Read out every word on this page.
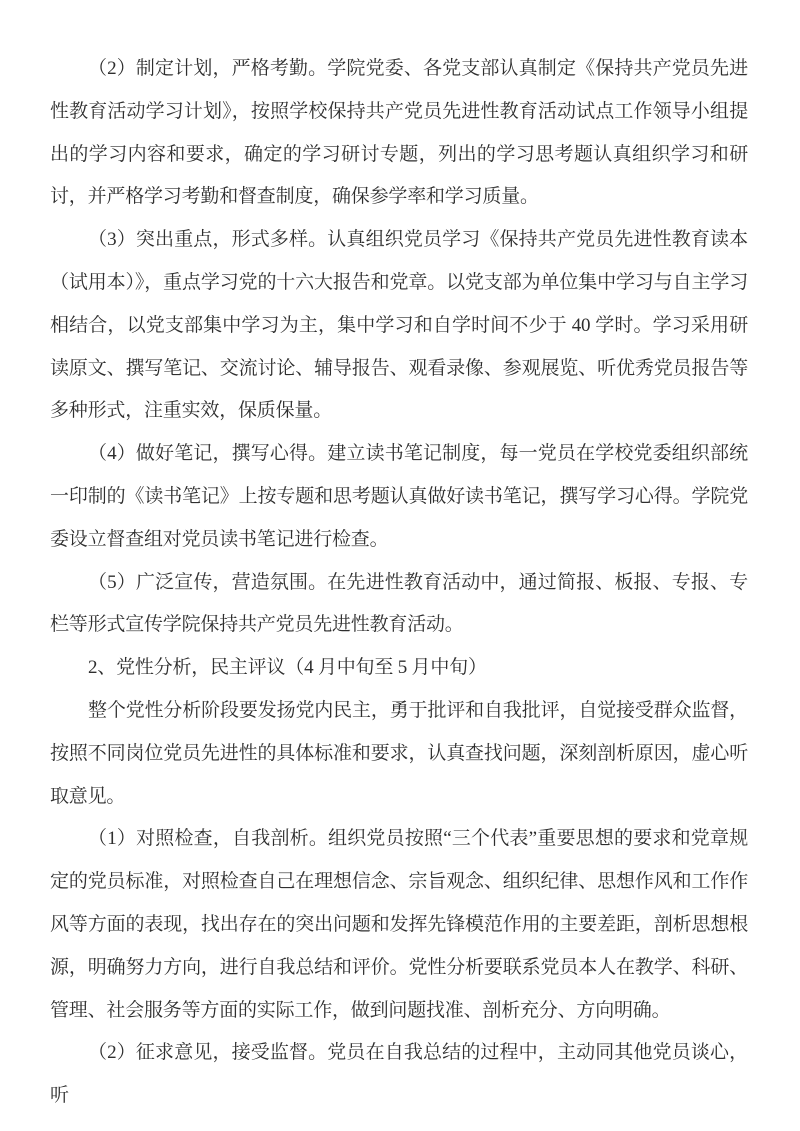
（2）制定计划，严格考勤。学院党委、各党支部认真制定《保持共产党员先进性教育活动学习计划》，按照学校保持共产党员先进性教育活动试点工作领导小组提出的学习内容和要求，确定的学习研讨专题，列出的学习思考题认真组织学习和研讨，并严格学习考勤和督查制度，确保参学率和学习质量。

（3）突出重点，形式多样。认真组织党员学习《保持共产党员先进性教育读本（试用本）》，重点学习党的十六大报告和党章。以党支部为单位集中学习与自主学习相结合，以党支部集中学习为主，集中学习和自学时间不少于 40 学时。学习采用研读原文、撰写笔记、交流讨论、辅导报告、观看录像、参观展览、听优秀党员报告等多种形式，注重实效，保质保量。

（4）做好笔记，撰写心得。建立读书笔记制度，每一党员在学校党委组织部统一印制的《读书笔记》上按专题和思考题认真做好读书笔记，撰写学习心得。学院党委设立督查组对党员读书笔记进行检查。

（5）广泛宣传，营造氛围。在先进性教育活动中，通过简报、板报、专报、专栏等形式宣传学院保持共产党员先进性教育活动。

2、党性分析，民主评议（4 月中旬至 5 月中旬）

整个党性分析阶段要发扬党内民主，勇于批评和自我批评，自觉接受群众监督，按照不同岗位党员先进性的具体标准和要求，认真查找问题，深刻剖析原因，虚心听取意见。

（1）对照检查，自我剖析。组织党员按照“三个代表”重要思想的要求和党章规定的党员标准，对照检查自己在理想信念、宗旨观念、组织纪律、思想作风和工作作风等方面的表现，找出存在的突出问题和发挥先锋模范作用的主要差距，剖析思想根源，明确努力方向，进行自我总结和评价。党性分析要联系党员本人在教学、科研、管理、社会服务等方面的实际工作，做到问题找准、剖析充分、方向明确。

（2）征求意见，接受监督。党员在自我总结的过程中，主动同其他党员谈心，听
